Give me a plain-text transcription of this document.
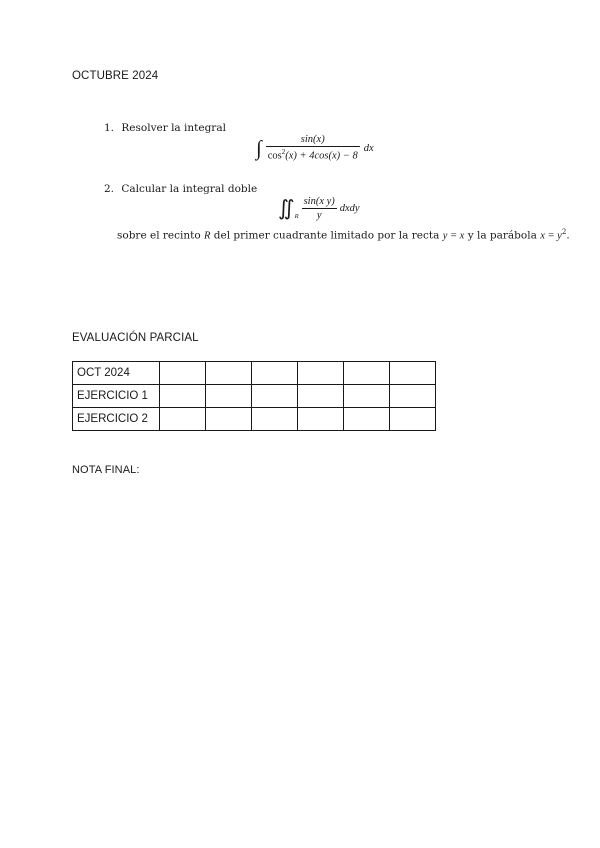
OCTUBRE 2024
1. Resolver la integral
∫ $\frac{\sin(x)}{\cos^2(x) + 4\cos(x) - 8}$ dx
2. Calcular la integral doble
$∬_R \frac{\text{sin(x y)}}{y}$ dxdy
sobre el recinto R del primer cuadrante limitado por la recta y = x y la parábola $x = y^2$.
EVALUACIÓN PARCIAL
OCT 2024						
EJERCICIO 1						
EJERCICIO 2						
NOTA FINAL:
